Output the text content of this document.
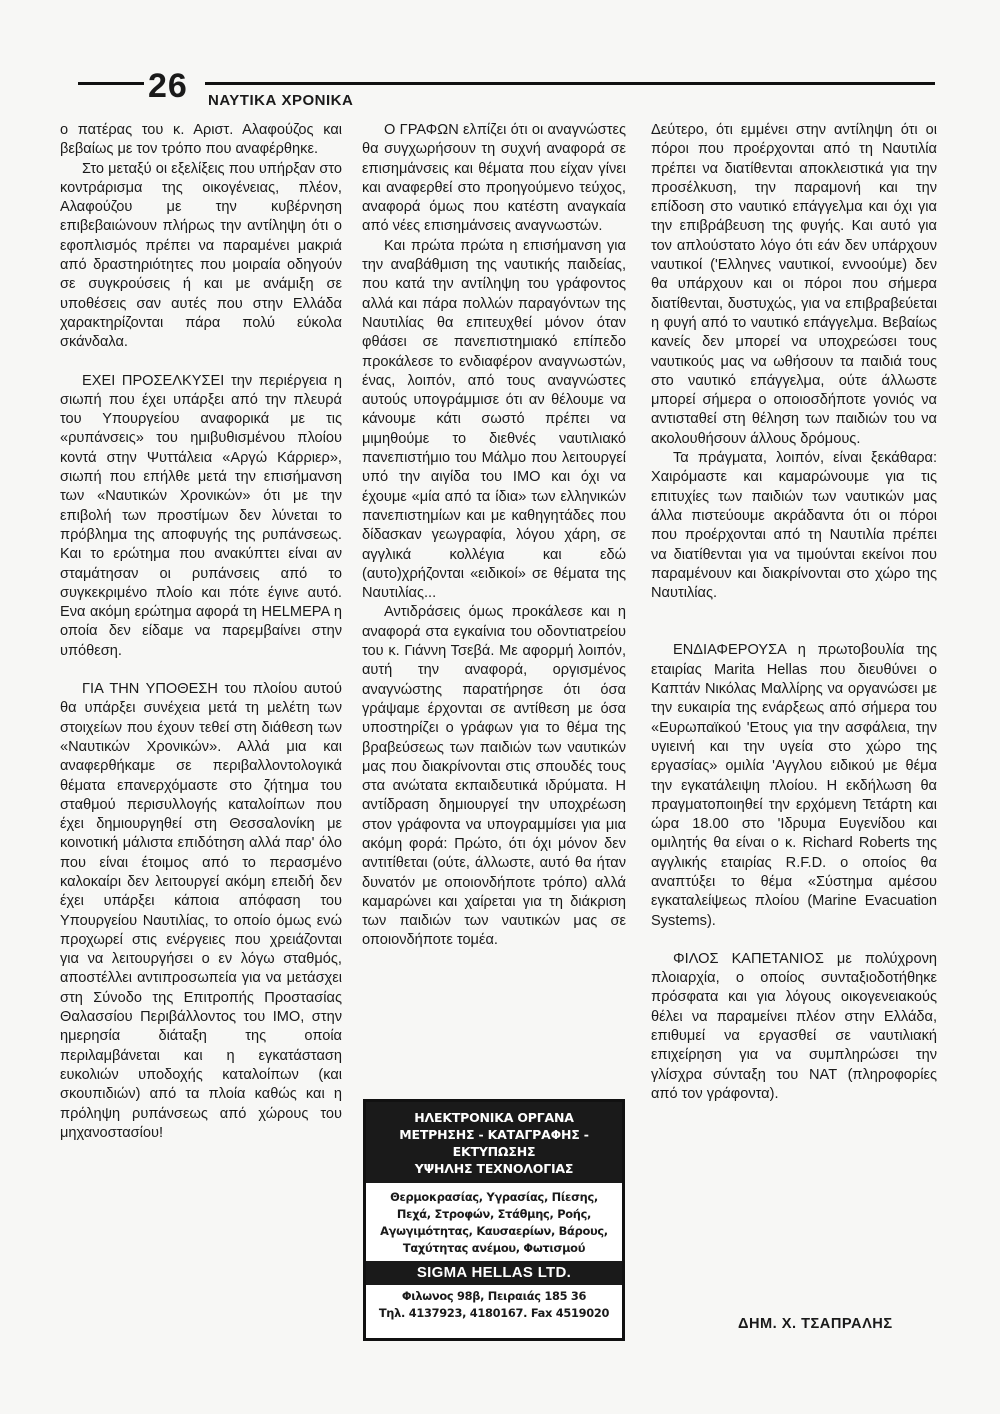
26 ΝΑΥΤΙΚΑ ΧΡΟΝΙΚΑ

ο πατέρας του κ. Αριστ. Αλαφούζος και βεβαίως με τον τρόπο που αναφέρθηκε.

Στο μεταξύ οι εξελίξεις που υπήρξαν στο κοντράρισμα της οικογένειας, πλέον, Αλαφούζου με την κυβέρνηση επιβεβαιώνουν πλήρως την αντίληψη ότι ο εφοπλισμός πρέπει να παραμένει μακριά από δραστηριότητες που μοιραία οδηγούν σε συγκρούσεις ή και με ανάμιξη σε υποθέσεις σαν αυτές που στην Ελλάδα χαρακτηρίζονται πάρα πολύ εύκολα σκάνδαλα.

ΕΧΕΙ ΠΡΟΣΕΛΚΥΣΕΙ την περιέργεια η σιωπή που έχει υπάρξει από την πλευρά του Υπουργείου αναφορικά με τις «ρυπάνσεις» του ημιβυθισμένου πλοίου κοντά στην Ψυττάλεια «Αργώ Κάρριερ», σιωπή που επήλθε μετά την επισήμανση των «Ναυτικών Χρονικών» ότι με την επιβολή των προστίμων δεν λύνεται το πρόβλημα της αποφυγής της ρυπάνσεως. Και το ερώτημα που ανακύπτει είναι αν σταμάτησαν οι ρυπάνσεις από το συγκεκριμένο πλοίο και πότε έγινε αυτό. Ενα ακόμη ερώτημα αφορά τη HELMEPA η οποία δεν είδαμε να παρεμβαίνει στην υπόθεση.

ΓΙΑ ΤΗΝ ΥΠΟΘΕΣΗ του πλοίου αυτού θα υπάρξει συνέχεια μετά τη μελέτη των στοιχείων που έχουν τεθεί στη διάθεση των «Ναυτικών Χρονικών». Αλλά μια και αναφερθήκαμε σε περιβαλλοντολογικά θέματα επανερχόμαστε στο ζήτημα του σταθμού περισυλλογής καταλοίπων που έχει δημιουργηθεί στη Θεσσαλονίκη με κοινοτική μάλιστα επιδότηση αλλά παρ' όλο που είναι έτοιμος από το περασμένο καλοκαίρι δεν λειτουργεί ακόμη επειδή δεν έχει υπάρξει κάποια απόφαση του Υπουργείου Ναυτιλίας, το οποίο όμως ενώ προχωρεί στις ενέργειες που χρειάζονται για να λειτουργήσει ο εν λόγω σταθμός, αποστέλλει αντιπροσωπεία για να μετάσχει στη Σύνοδο της Επιτροπής Προστασίας Θαλασσίου Περιβάλλοντος του ΙΜΟ, στην ημερησία διάταξη της οποία περιλαμβάνεται και η εγκατάσταση ευκολιών υποδοχής καταλοίπων (και σκουπιδιών) από τα πλοία καθώς και η πρόληψη ρυπάνσεως από χώρους του μηχανοστασίου!

Ο ΓΡΑΦΩΝ ελπίζει ότι οι αναγνώστες θα συγχωρήσουν τη συχνή αναφορά σε επισημάνσεις και θέματα που είχαν γίνει και αναφερθεί στο προηγούμενο τεύχος, αναφορά όμως που κατέστη αναγκαία από νέες επισημάνσεις αναγνωστών.

Και πρώτα πρώτα η επισήμανση για την αναβάθμιση της ναυτικής παιδείας, που κατά την αντίληψη του γράφοντος αλλά και πάρα πολλών παραγόντων της Ναυτιλίας θα επιτευχθεί μόνον όταν φθάσει σε πανεπιστημιακό επίπεδο προκάλεσε το ενδιαφέρον αναγνωστών, ένας, λοιπόν, από τους αναγνώστες αυτούς υπογράμμισε ότι αν θέλουμε να κάνουμε κάτι σωστό πρέπει να μιμηθούμε το διεθνές ναυτιλιακό πανεπιστήμιο του Μάλμο που λειτουργεί υπό την αιγίδα του ΙΜΟ και όχι να έχουμε «μία από τα ίδια» των ελληνικών πανεπιστημίων και με καθηγητάδες που δίδασκαν γεωγραφία, λόγου χάρη, σε αγγλικά κολλέγια και εδώ (αυτο)χρήζονται «ειδικοί» σε θέματα της Ναυτιλίας...

Αντιδράσεις όμως προκάλεσε και η αναφορά στα εγκαίνια του οδοντιατρείου του κ. Γιάννη Τσεβά. Με αφορμή λοιπόν, αυτή την αναφορά, οργισμένος αναγνώστης παρατήρησε ότι όσα γράψαμε έρχονται σε αντίθεση με όσα υποστηρίζει ο γράφων για το θέμα της βραβεύσεως των παιδιών των ναυτικών μας που διακρίνονται στις σπουδές τους στα ανώτατα εκπαιδευτικά ιδρύματα. Η αντίδραση δημιουργεί την υποχρέωση στον γράφοντα να υπογραμμίσει για μια ακόμη φορά: Πρώτο, ότι όχι μόνον δεν αντιτίθεται (ούτε, άλλωστε, αυτό θα ήταν δυνατόν με οποιονδήποτε τρόπο) αλλά καμαρώνει και χαίρεται για τη διάκριση των παιδιών των ναυτικών μας σε οποιονδήποτε τομέα.

ΗΛΕΚΤΡΟΝΙΚΑ ΟΡΓΑΝΑ
ΜΕΤΡΗΣΗΣ - ΚΑΤΑΓΡΑΦΗΣ - ΕΚΤΥΠΩΣΗΣ
ΥΨΗΛΗΣ ΤΕΧΝΟΛΟΓΙΑΣ
Θερμοκρασίας, Υγρασίας, Πίεσης,
Πεχά, Στροφών, Στάθμης, Ροής,
Αγωγιμότητας, Καυσαερίων, Βάρους,
Ταχύτητας ανέμου, Φωτισμού
SIGMA HELLAS LTD.
Φιλωνος 98β, Πειραιάς 185 36
Τηλ. 4137923, 4180167. Fax 4519020

Δεύτερο, ότι εμμένει στην αντίληψη ότι οι πόροι που προέρχονται από τη Ναυτιλία πρέπει να διατίθενται αποκλειστικά για την προσέλκυση, την παραμονή και την επίδοση στο ναυτικό επάγγελμα και όχι για την επιβράβευση της φυγής. Και αυτό για τον απλούστατο λόγο ότι εάν δεν υπάρχουν ναυτικοί ('Ελληνες ναυτικοί, εννοούμε) δεν θα υπάρχουν και οι πόροι που σήμερα διατίθενται, δυστυχώς, για να επιβραβεύεται η φυγή από το ναυτικό επάγγελμα. Βεβαίως κανείς δεν μπορεί να υποχρεώσει τους ναυτικούς μας να ωθήσουν τα παιδιά τους στο ναυτικό επάγγελμα, ούτε άλλωστε μπορεί σήμερα ο οποιοσδήποτε γονιός να αντισταθεί στη θέληση των παιδιών του να ακολουθήσουν άλλους δρόμους.

Τα πράγματα, λοιπόν, είναι ξεκάθαρα: Χαιρόμαστε και καμαρώνουμε για τις επιτυχίες των παιδιών των ναυτικών μας άλλα πιστεύουμε ακράδαντα ότι οι πόροι που προέρχονται από τη Ναυτιλία πρέπει να διατίθενται για να τιμούνται εκείνοι που παραμένουν και διακρίνονται στο χώρο της Ναυτιλίας.

ΕΝΔΙΑΦΕΡΟΥΣΑ η πρωτοβουλία της εταιρίας Marita Hellas που διευθύνει ο Καπτάν Νικόλας Μαλλίρης να οργανώσει με την ευκαιρία της ενάρξεως από σήμερα του «Ευρωπαϊκού 'Ετους για την ασφάλεια, την υγιεινή και την υγεία στο χώρο της εργασίας» ομιλία 'Αγγλου ειδικού με θέμα την εγκατάλειψη πλοίου. Η εκδήλωση θα πραγματοποιηθεί την ερχόμενη Τετάρτη και ώρα 18.00 στο 'Ιδρυμα Ευγενίδου και ομιλητής θα είναι ο κ. Richard Roberts της αγγλικής εταιρίας R.F.D. ο οποίος θα αναπτύξει το θέμα «Σύστημα αμέσου εγκαταλείψεως πλοίου (Marine Evacuation Systems).

ΦΙΛΟΣ ΚΑΠΕΤΑΝΙΟΣ με πολύχρονη πλοιαρχία, ο οποίος συνταξιοδοτήθηκε πρόσφατα και για λόγους οικογενειακούς θέλει να παραμείνει πλέον στην Ελλάδα, επιθυμεί να εργασθεί σε ναυτιλιακή επιχείρηση για να συμπληρώσει την γλίσχρα σύνταξη του ΝΑΤ (πληροφορίες από τον γράφοντα).

ΔΗΜ. Χ. ΤΣΑΠΡΑΛΗΣ
